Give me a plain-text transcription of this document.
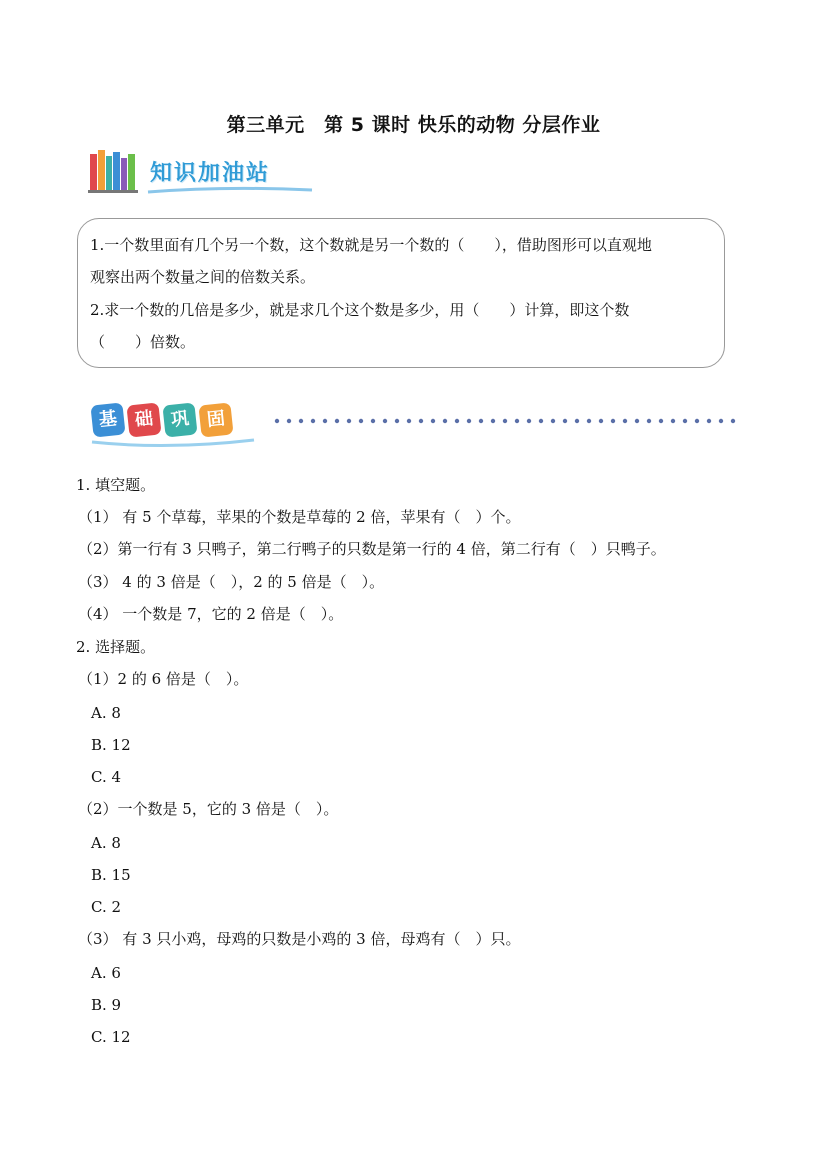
第三单元　第 5 课时 快乐的动物 分层作业
知识加油站
1.一个数里面有几个另一个数，这个数就是另一个数的（　　），借助图形可以直观地
观察出两个数量之间的倍数关系。
2.求一个数的几倍是多少，就是求几个这个数是多少，用（　　）计算，即这个数
（　　）倍数。
基 础 巩 固
1. 填空题。
（1） 有 5 个草莓，苹果的个数是草莓的 2 倍，苹果有（　）个。
（2）第一行有 3 只鸭子，第二行鸭子的只数是第一行的 4 倍，第二行有（　）只鸭子。
（3） 4 的 3 倍是（　），2 的 5 倍是（　）。
（4） 一个数是 7，它的 2 倍是（　）。
2. 选择题。
（1）2 的 6 倍是（　）。
A. 8
B. 12
C. 4
（2）一个数是 5，它的 3 倍是（　）。
A. 8
B. 15
C. 2
（3） 有 3 只小鸡，母鸡的只数是小鸡的 3 倍，母鸡有（　）只。
A. 6
B. 9
C. 12
